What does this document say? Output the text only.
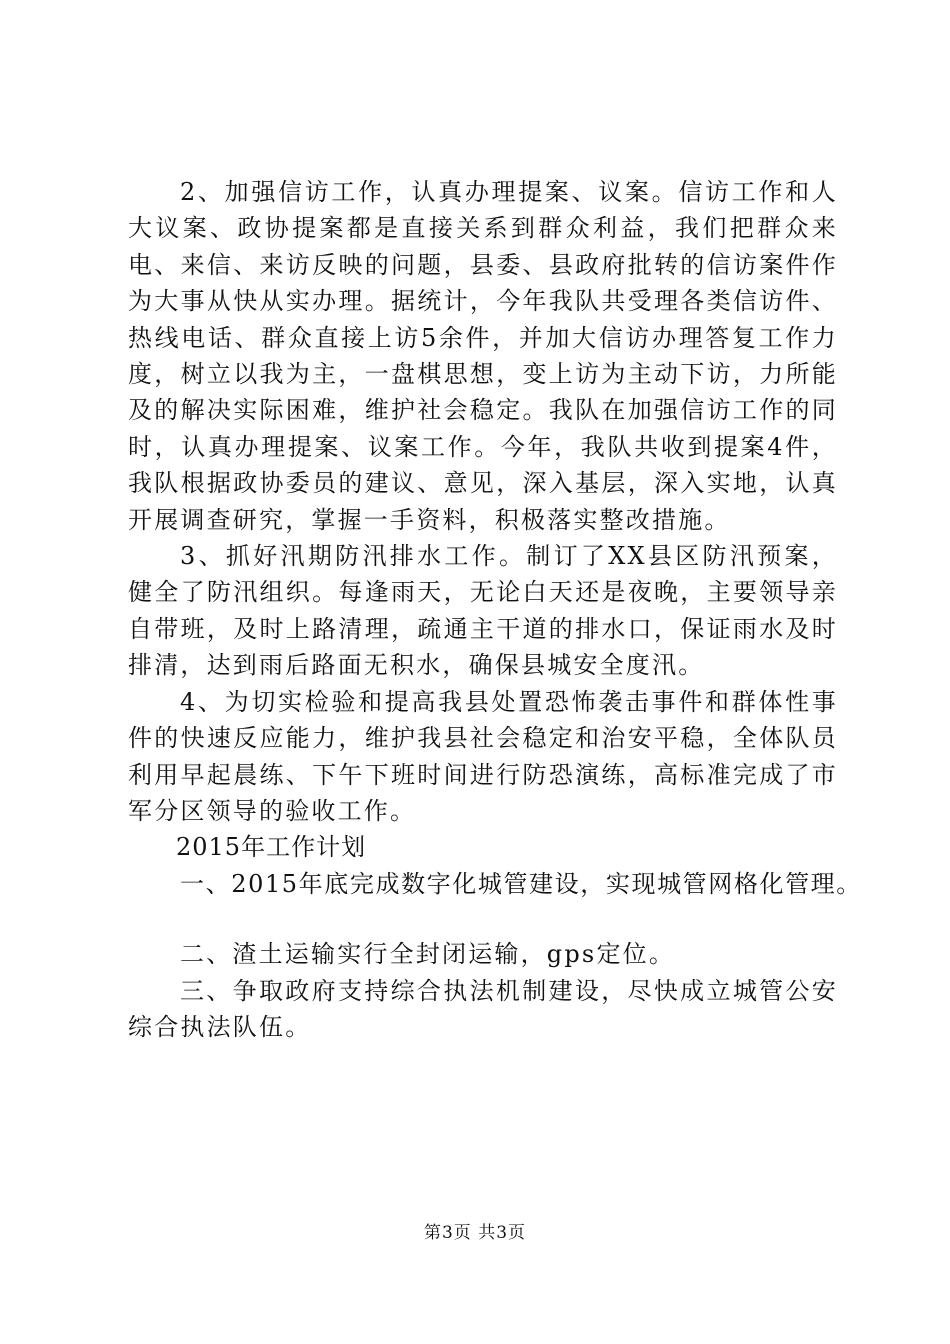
2、加强信访工作，认真办理提案、议案。信访工作和人大议案、政协提案都是直接关系到群众利益，我们把群众来电、来信、来访反映的问题，县委、县政府批转的信访案件作为大事从快从实办理。据统计，今年我队共受理各类信访件、热线电话、群众直接上访5余件，并加大信访办理答复工作力度，树立以我为主，一盘棋思想，变上访为主动下访，力所能及的解决实际困难，维护社会稳定。我队在加强信访工作的同时，认真办理提案、议案工作。今年，我队共收到提案4件，我队根据政协委员的建议、意见，深入基层，深入实地，认真开展调查研究，掌握一手资料，积极落实整改措施。

3、抓好汛期防汛排水工作。制订了XX县区防汛预案，健全了防汛组织。每逢雨天，无论白天还是夜晚，主要领导亲自带班，及时上路清理，疏通主干道的排水口，保证雨水及时排清，达到雨后路面无积水，确保县城安全度汛。

4、为切实检验和提高我县处置恐怖袭击事件和群体性事件的快速反应能力，维护我县社会稳定和治安平稳，全体队员利用早起晨练、下午下班时间进行防恐演练，高标准完成了市军分区领导的验收工作。

2015年工作计划

一、2015年底完成数字化城管建设，实现城管网格化管理。

二、渣土运输实行全封闭运输，gps定位。

三、争取政府支持综合执法机制建设，尽快成立城管公安综合执法队伍。

第3页 共3页
